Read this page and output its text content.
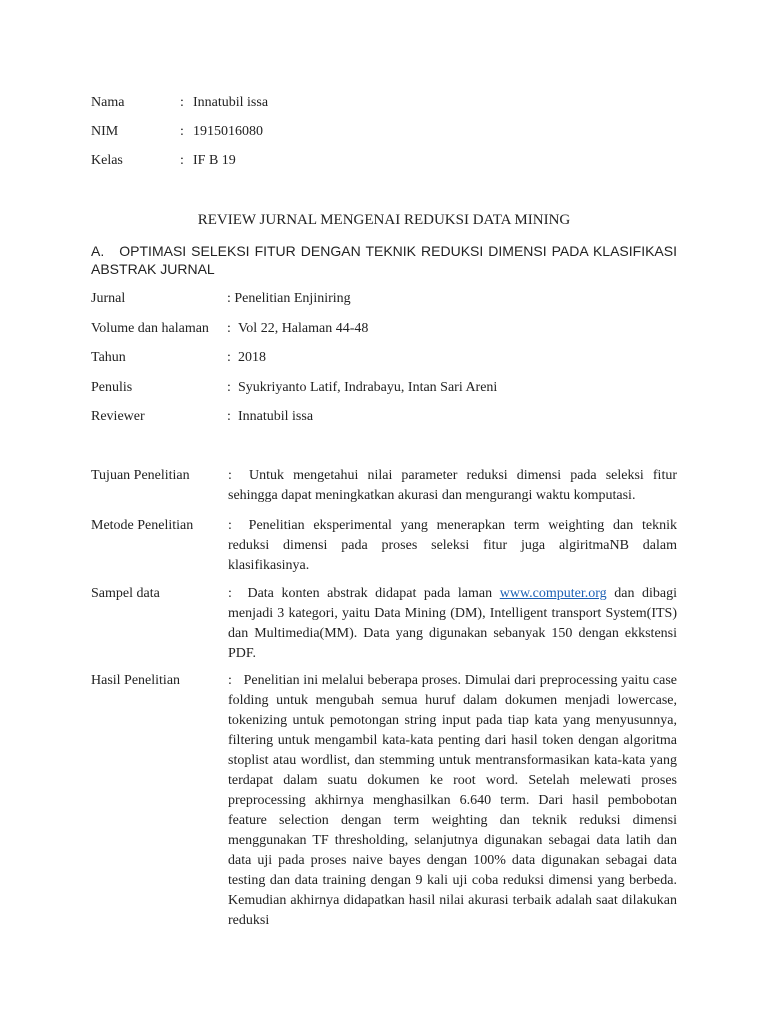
Nama	: Innatubil issa
NIM	: 1915016080
Kelas	: IF B 19
REVIEW JURNAL MENGENAI REDUKSI DATA MINING
A.   OPTIMASI SELEKSI FITUR DENGAN TEKNIK REDUKSI DIMENSI PADA KLASIFIKASI ABSTRAK JURNAL
Jurnal	: Penelitian Enjiniring
Volume dan halaman : Vol 22, Halaman 44-48
Tahun	: 2018
Penulis	: Syukriyanto Latif, Indrabayu, Intan Sari Areni
Reviewer	: Innatubil issa
Tujuan Penelitian	: Untuk mengetahui nilai parameter reduksi dimensi pada seleksi fitur sehingga dapat meningkatkan akurasi dan mengurangi waktu komputasi.
Metode Penelitian : Penelitian eksperimental yang menerapkan term weighting dan teknik reduksi dimensi pada proses seleksi fitur juga algiritmaNB dalam klasifikasinya.
Sampel data	: Data konten abstrak didapat pada laman www.computer.org dan dibagi menjadi 3 kategori, yaitu Data Mining (DM), Intelligent transport System(ITS) dan Multimedia(MM). Data yang digunakan sebanyak 150 dengan ekkstensi PDF.
Hasil Penelitian	: Penelitian ini melalui beberapa proses. Dimulai dari preprocessing yaitu case folding untuk mengubah semua huruf dalam dokumen menjadi lowercase, tokenizing untuk pemotongan string input pada tiap kata yang menyusunnya, filtering untuk mengambil kata-kata penting dari hasil token dengan algoritma stoplist atau wordlist, dan stemming untuk mentransformasikan kata-kata yang terdapat dalam suatu dokumen ke root word. Setelah melewati proses preprocessing akhirnya menghasilkan 6.640 term. Dari hasil pembobotan feature selection dengan term weighting dan teknik reduksi dimensi menggunakan TF thresholding, selanjutnya digunakan sebagai data latih dan data uji pada proses naive bayes dengan 100% data digunakan sebagai data testing dan data training dengan 9 kali uji coba reduksi dimensi yang berbeda. Kemudian akhirnya didapatkan hasil nilai akurasi terbaik adalah saat dilakukan reduksi
